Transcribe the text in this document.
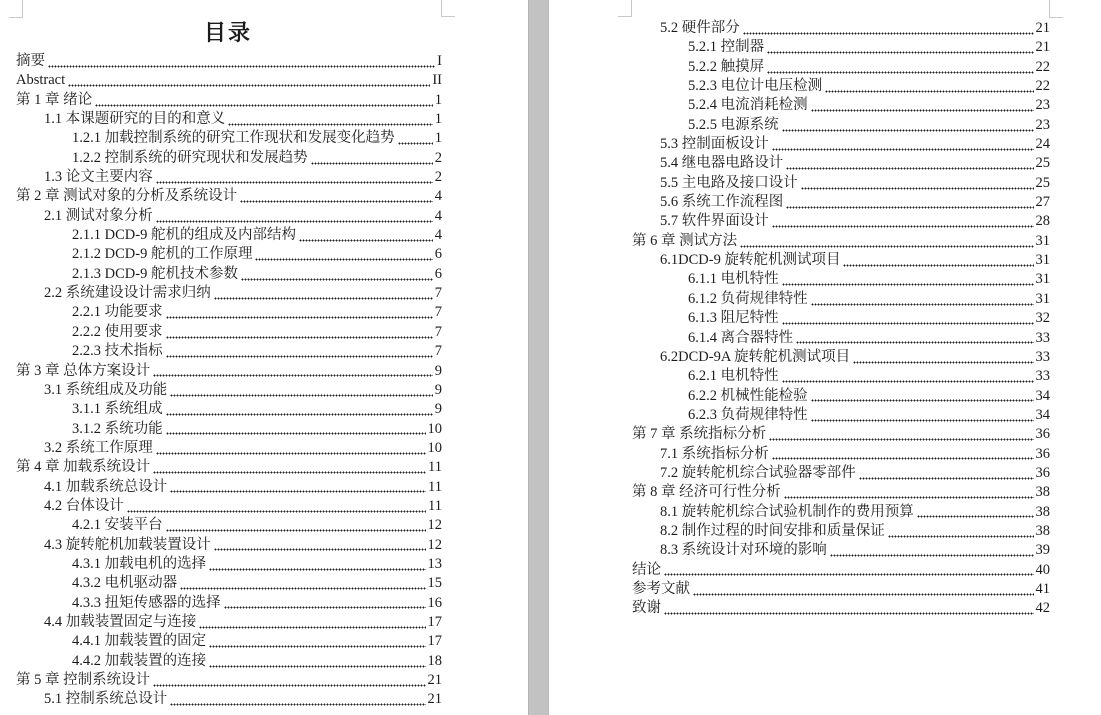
目录
摘要	I
Abstract	II
第 1 章 绪论	1
1.1 本课题研究的目的和意义	1
1.2.1 加载控制系统的研究工作现状和发展变化趋势	1
1.2.2 控制系统的研究现状和发展趋势	2
1.3 论文主要内容	2
第 2 章 测试对象的分析及系统设计	4
2.1 测试对象分析	4
2.1.1 DCD-9 舵机的组成及内部结构	4
2.1.2 DCD-9 舵机的工作原理	6
2.1.3 DCD-9 舵机技术参数	6
2.2 系统建设设计需求归纳	7
2.2.1 功能要求	7
2.2.2 使用要求	7
2.2.3 技术指标	7
第 3 章 总体方案设计	9
3.1 系统组成及功能	9
3.1.1 系统组成	9
3.1.2 系统功能	10
3.2 系统工作原理	10
第 4 章 加载系统设计	11
4.1 加载系统总设计	11
4.2 台体设计	11
4.2.1 安装平台	12
4.3 旋转舵机加载装置设计	12
4.3.1 加载电机的选择	13
4.3.2 电机驱动器	15
4.3.3 扭矩传感器的选择	16
4.4 加载装置固定与连接	17
4.4.1 加载装置的固定	17
4.4.2 加载装置的连接	18
第 5 章 控制系统设计	21
5.1 控制系统总设计	21
5.2 硬件部分	21
5.2.1 控制器	21
5.2.2 触摸屏	22
5.2.3 电位计电压检测	22
5.2.4 电流消耗检测	23
5.2.5 电源系统	23
5.3 控制面板设计	24
5.4 继电器电路设计	25
5.5 主电路及接口设计	25
5.6 系统工作流程图	27
5.7 软件界面设计	28
第 6 章 测试方法	31
6.1DCD-9 旋转舵机测试项目	31
6.1.1 电机特性	31
6.1.2 负荷规律特性	31
6.1.3 阻尼特性	32
6.1.4 离合器特性	33
6.2DCD-9A 旋转舵机测试项目	33
6.2.1 电机特性	33
6.2.2 机械性能检验	34
6.2.3 负荷规律特性	34
第 7 章 系统指标分析	36
7.1 系统指标分析	36
7.2 旋转舵机综合试验器零部件	36
第 8 章 经济可行性分析	38
8.1 旋转舵机综合试验机制作的费用预算	38
8.2 制作过程的时间安排和质量保证	38
8.3 系统设计对环境的影响	39
结论	40
参考文献	41
致谢	42
